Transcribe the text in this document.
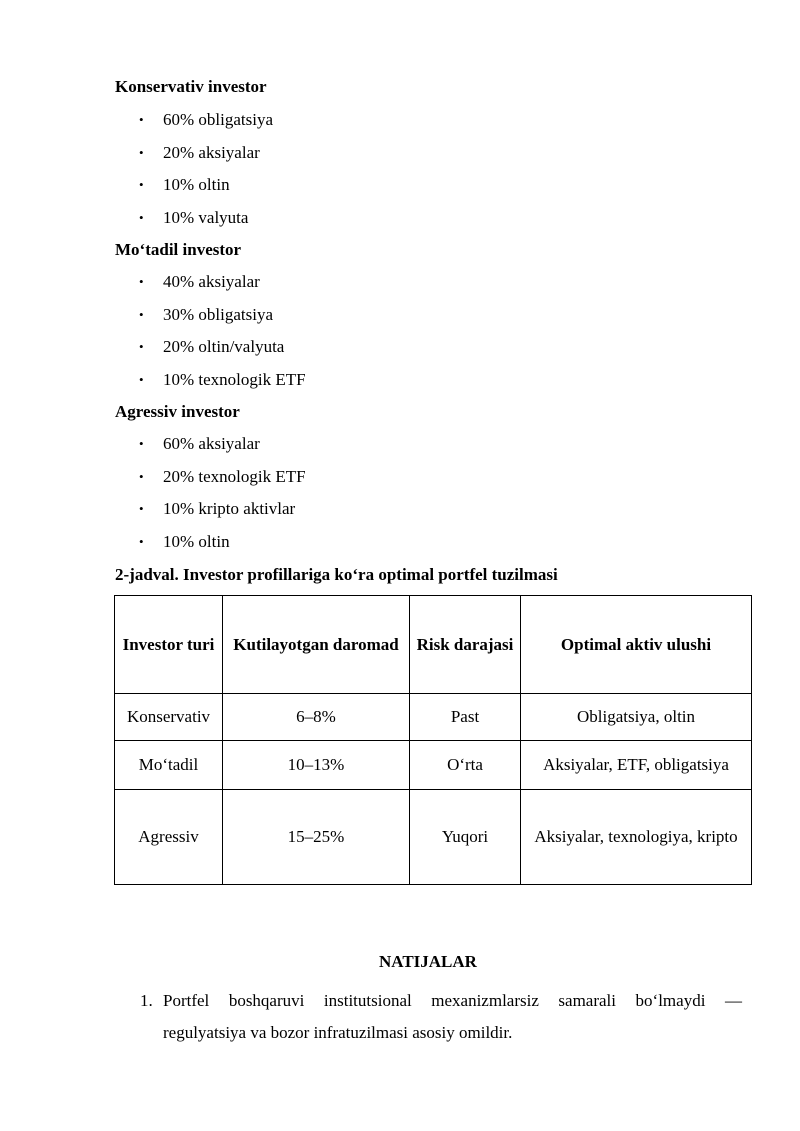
Konservativ investor
• 60% obligatsiya
• 20% aksiyalar
• 10% oltin
• 10% valyuta
Mo‘tadil investor
• 40% aksiyalar
• 30% obligatsiya
• 20% oltin/valyuta
• 10% texnologik ETF
Agressiv investor
• 60% aksiyalar
• 20% texnologik ETF
• 10% kripto aktivlar
• 10% oltin
2-jadval. Investor profillariga ko‘ra optimal portfel tuzilmasi
Investor turi	Kutilayotgan daromad	Risk darajasi	Optimal aktiv ulushi
Konservativ	6–8%	Past	Obligatsiya, oltin
Mo‘tadil	10–13%	O‘rta	Aksiyalar, ETF, obligatsiya
Agressiv	15–25%	Yuqori	Aksiyalar, texnologiya, kripto
NATIJALAR
1. Portfel boshqaruvi institutsional mexanizmlarsiz samarali bo‘lmaydi —
regulyatsiya va bozor infratuzilmasi asosiy omildir.
